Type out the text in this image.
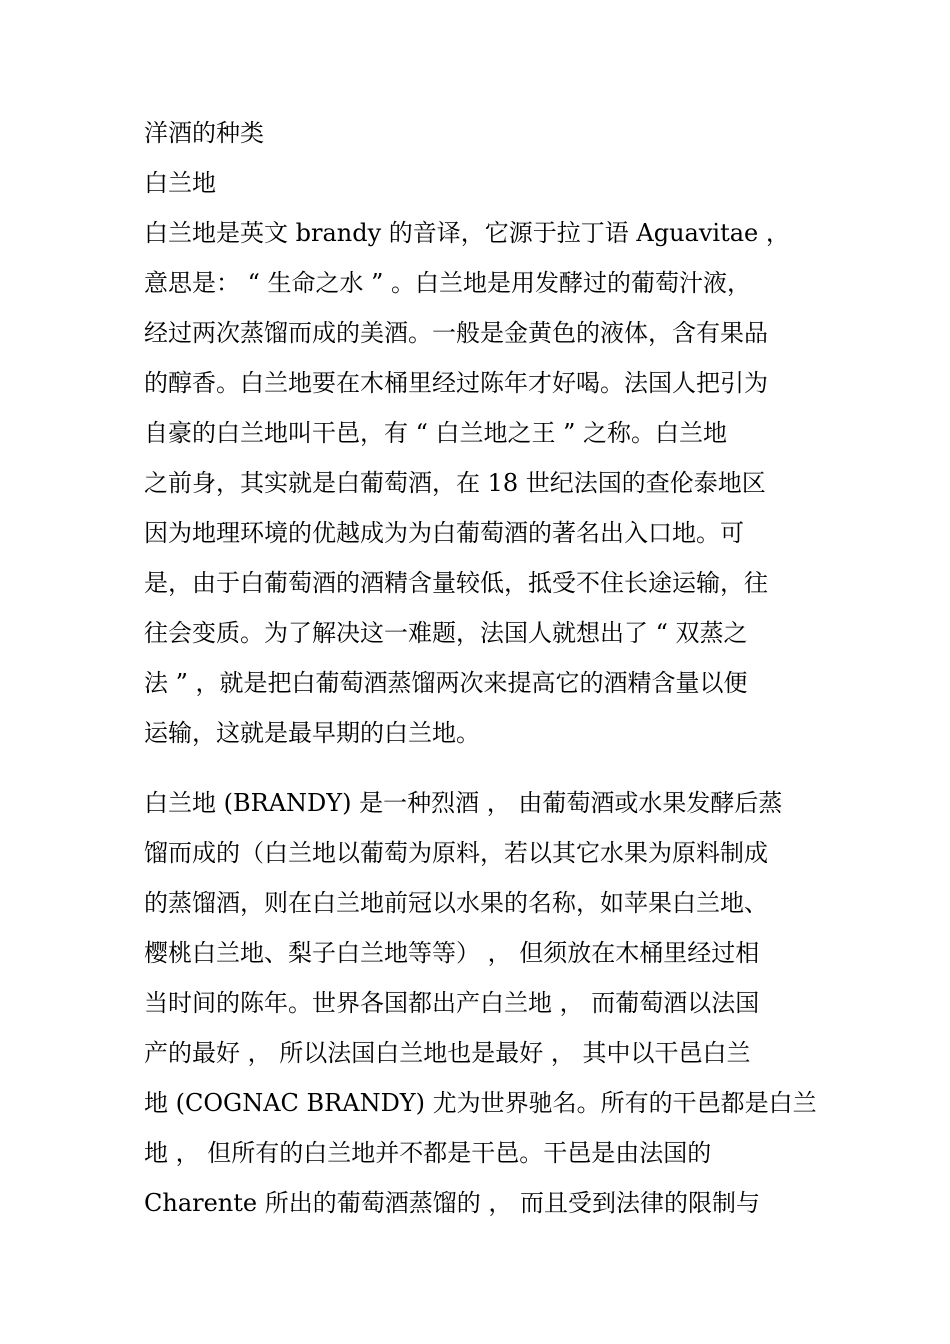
洋酒的种类

白兰地

白兰地是英文 brandy 的音译，它源于拉丁语 Aguavitae ，

意思是： “ 生命之水 ” 。白兰地是用发酵过的葡萄汁液，

经过两次蒸馏而成的美酒。一般是金黄色的液体，含有果品

的醇香。白兰地要在木桶里经过陈年才好喝。法国人把引为

自豪的白兰地叫干邑，有 “ 白兰地之王 ” 之称。白兰地

之前身，其实就是白葡萄酒，在 18 世纪法国的查伦泰地区

因为地理环境的优越成为为白葡萄酒的著名出入口地。可

是，由于白葡萄酒的酒精含量较低，抵受不住长途运输，往

往会变质。为了解决这一难题，法国人就想出了 “ 双蒸之

法 ” ，就是把白葡萄酒蒸馏两次来提高它的酒精含量以便

运输，这就是最早期的白兰地。

白兰地 (BRANDY) 是一种烈酒 ， 由葡萄酒或水果发酵后蒸

馏而成的（白兰地以葡萄为原料，若以其它水果为原料制成

的蒸馏酒，则在白兰地前冠以水果的名称，如苹果白兰地、

樱桃白兰地、梨子白兰地等等） ， 但须放在木桶里经过相

当时间的陈年。世界各国都出产白兰地 ， 而葡萄酒以法国

产的最好 ， 所以法国白兰地也是最好 ， 其中以干邑白兰

地 (COGNAC BRANDY) 尤为世界驰名。所有的干邑都是白兰

地 ， 但所有的白兰地并不都是干邑。干邑是由法国的

Charente 所出的葡萄酒蒸馏的 ， 而且受到法律的限制与
